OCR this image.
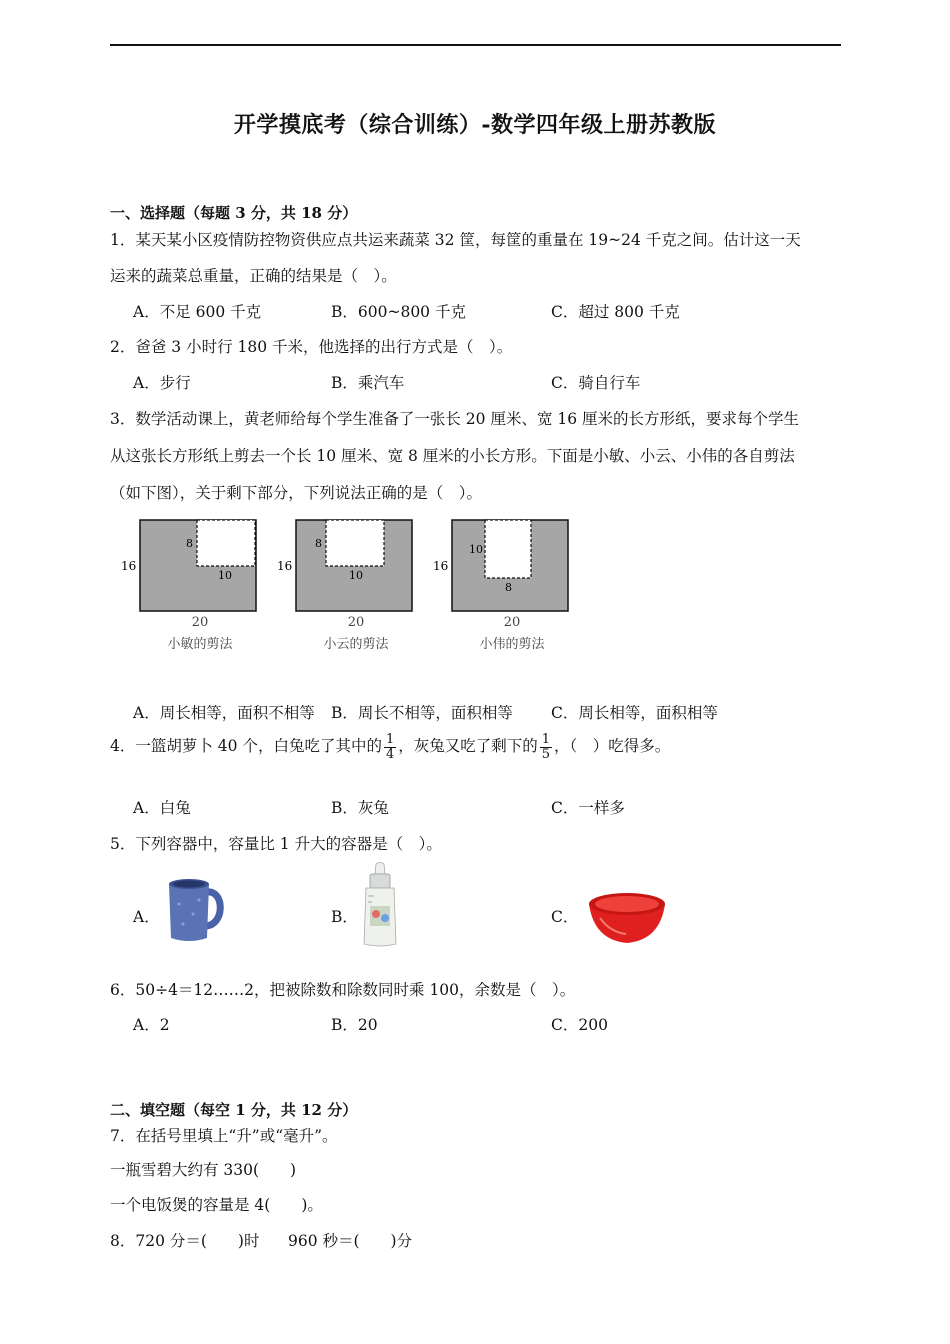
开学摸底考（综合训练）-数学四年级上册苏教版
一、选择题（每题 3 分，共 18 分）
1．某天某小区疫情防控物资供应点共运来蔬菜 32 筐，每筐的重量在 19~24 千克之间。估计这一天
运来的蔬菜总重量，正确的结果是（　）。
A．不足 600 千克	B．600~800 千克	C．超过 800 千克
2．爸爸 3 小时行 180 千米，他选择的出行方式是（　）。
A．步行	B．乘汽车	C．骑自行车
3．数学活动课上，黄老师给每个学生准备了一张长 20 厘米、宽 16 厘米的长方形纸，要求每个学生
从这张长方形纸上剪去一个长 10 厘米、宽 8 厘米的小长方形。下面是小敏、小云、小伟的各自剪法
（如下图），关于剩下部分，下列说法正确的是（　）。
16
8
10
20
小敏的剪法
16
8
10
20
小云的剪法
16
10
8
20
小伟的剪法
A．周长相等，面积不相等 B．周长不相等，面积相等 C．周长相等，面积相等
4．一篮胡萝卜 40 个，白兔吃了其中的 $\frac{1}{4}$ ，灰兔又吃了剩下的 $\frac{1}{5}$ ，（　）吃得多。
A．白兔	B．灰兔	C．一样多
5．下列容器中，容量比 1 升大的容器是（　）。
A．	B．	C．
6．50÷4＝12……2，把被除数和除数同时乘 100，余数是（　）。
A．2	B．20	C．200
二、填空题（每空 1 分，共 12 分）
7．在括号里填上“升”或“毫升”。
一瓶雪碧大约有 330(　　)
一个电饭煲的容量是 4(　　)。
8．720 分＝(　　)时 960 秒＝(　　)分
